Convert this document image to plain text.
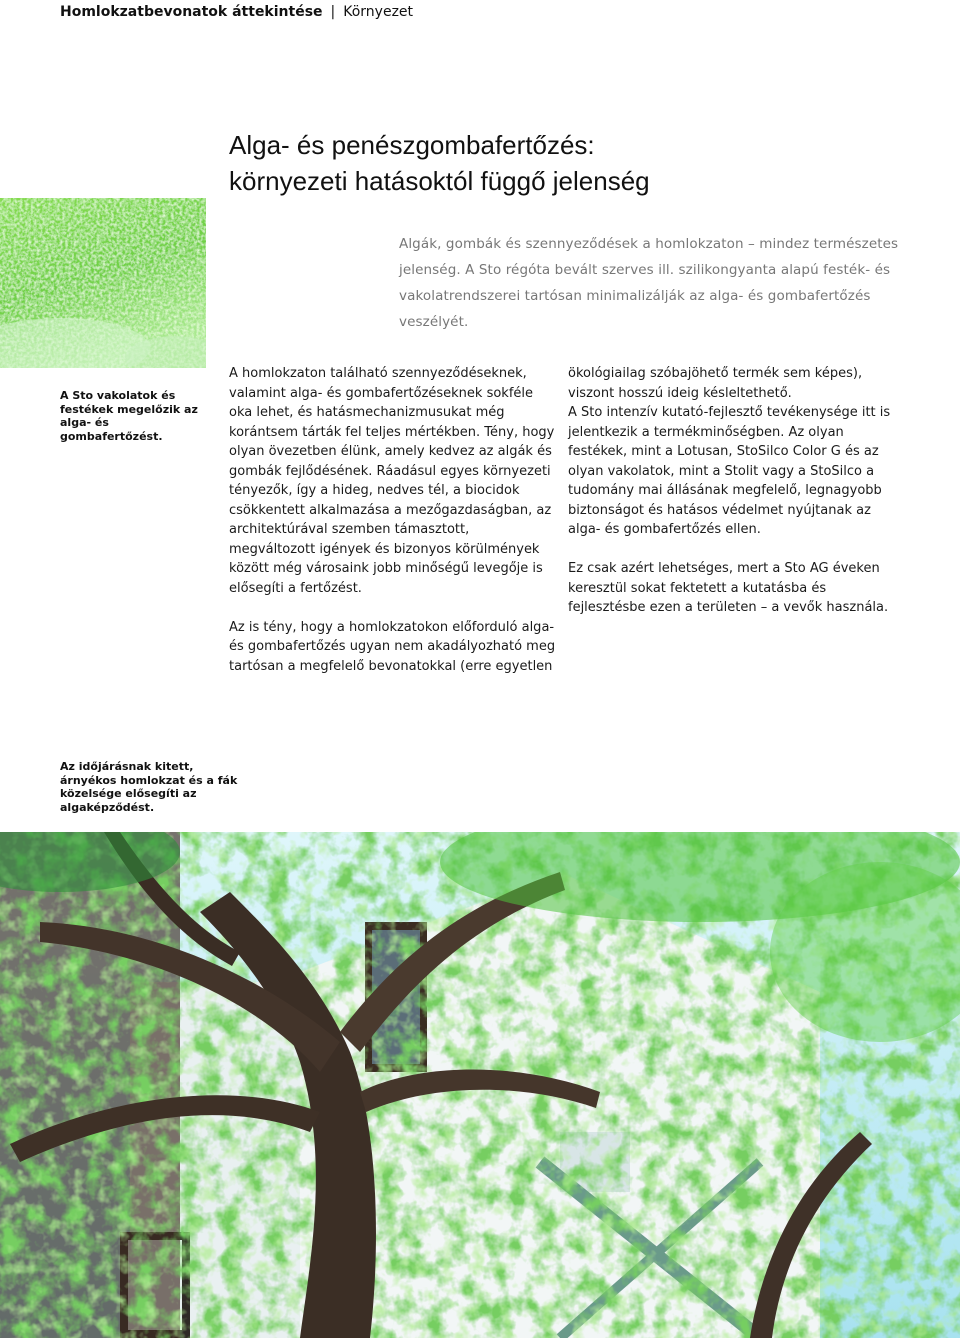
Homlokzatbevonatok áttekintése | Környezet
Alga- és penészgombafertőzés:
környezeti hatásoktól függő jelenség

Algák, gombák és szennyeződések a homlokzaton – mindez természetes jelenség. A Sto régóta bevált szerves ill. szilikongyanta alapú festék- és vakolatrendszerei tartósan minimalizálják az alga- és gombafertőzés veszélyét.

A Sto vakolatok és festékek megelőzik az alga- és gombafertőzést.

A homlokzaton található szennyeződéseknek, valamint alga- és gombafertőzéseknek sokféle oka lehet, és hatásmechanizmusukat még korántsem tárták fel teljes mértékben. Tény, hogy olyan övezetben élünk, amely kedvez az algák és gombák fejlődésének. Ráadásul egyes környezeti tényezők, így a hideg, nedves tél, a biocidok csökkentett alkalmazása a mezőgazdaságban, az architektúrával szemben támasztott, megváltozott igények és bizonyos körülmények között még városaink jobb minőségű levegője is elősegíti a fertőzést.

Az is tény, hogy a homlokzatokon előforduló alga- és gombafertőzés ugyan nem akadályozható meg tartósan a megfelelő bevonatokkal (erre egyetlen

ökológiailag szóbajöhető termék sem képes), viszont hosszú ideig késleltethető.

A Sto intenzív kutató-fejlesztő tevékenysége itt is jelentkezik a termékminőségben. Az olyan festékek, mint a Lotusan, StoSilco Color G és az olyan vakolatok, mint a Stolit vagy a StoSilco a tudomány mai állásának megfelelő, legnagyobb biztonságot és hatásos védelmet nyújtanak az alga- és gombafertőzés ellen.

Ez csak azért lehetséges, mert a Sto AG éveken keresztül sokat fektetett a kutatásba és fejlesztésbe ezen a területen – a vevők használa.

Az időjárásnak kitett, árnyékos homlokzat és a fák közelsége elősegíti az algaképződést.
